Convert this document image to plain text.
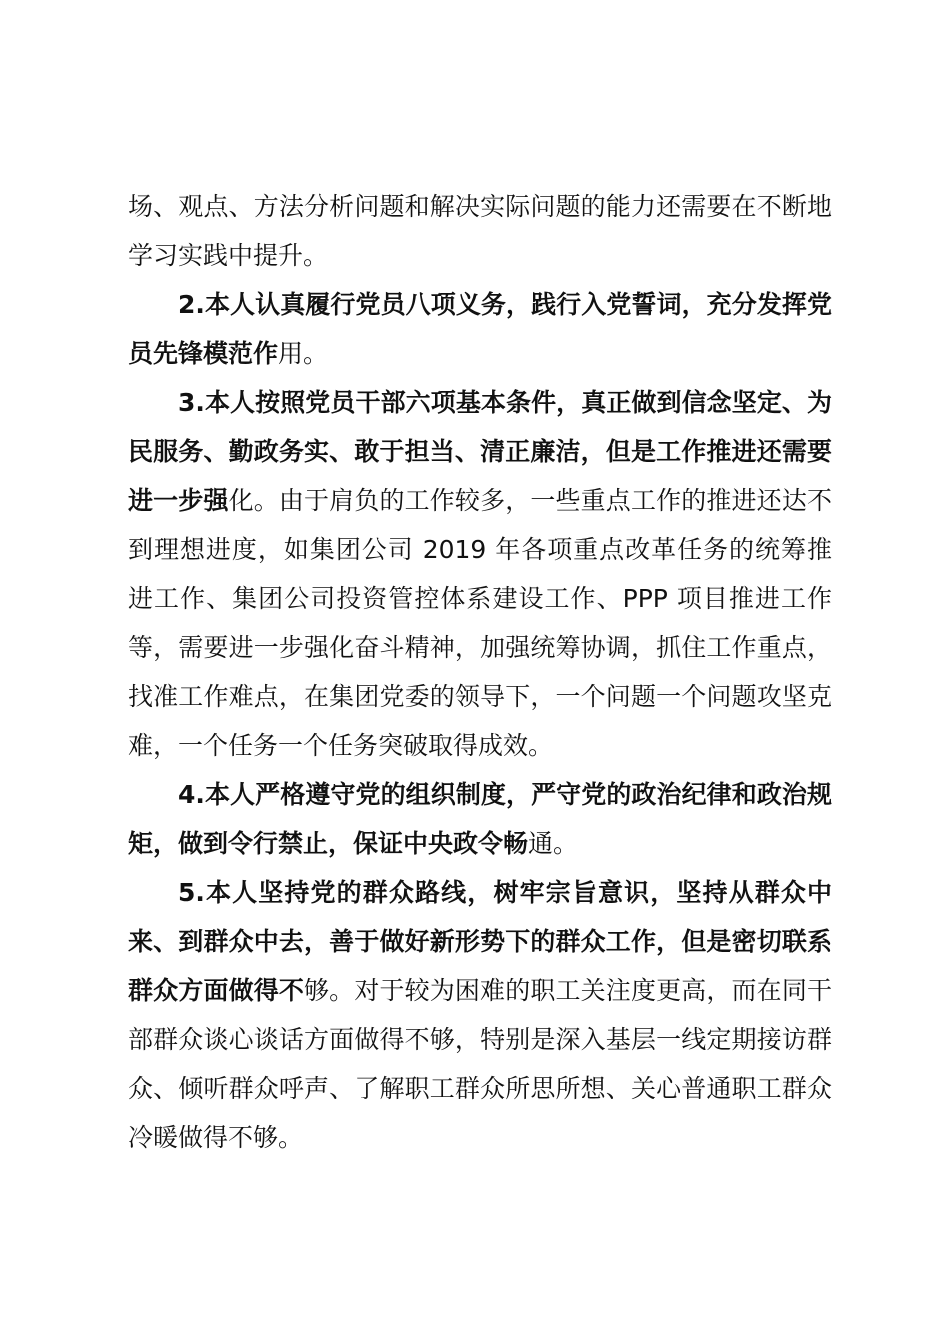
场、观点、方法分析问题和解决实际问题的能力还需要在不断地学习实践中提升。

2.本人认真履行党员八项义务，践行入党誓词，充分发挥党员先锋模范作用。

3.本人按照党员干部六项基本条件，真正做到信念坚定、为民服务、勤政务实、敢于担当、清正廉洁，但是工作推进还需要进一步强化。由于肩负的工作较多，一些重点工作的推进还达不到理想进度，如集团公司 2019 年各项重点改革任务的统筹推进工作、集团公司投资管控体系建设工作、PPP 项目推进工作等，需要进一步强化奋斗精神，加强统筹协调，抓住工作重点，找准工作难点，在集团党委的领导下，一个问题一个问题攻坚克难，一个任务一个任务突破取得成效。

4.本人严格遵守党的组织制度，严守党的政治纪律和政治规矩，做到令行禁止，保证中央政令畅通。

5.本人坚持党的群众路线，树牢宗旨意识，坚持从群众中来、到群众中去，善于做好新形势下的群众工作，但是密切联系群众方面做得不够。对于较为困难的职工关注度更高，而在同干部群众谈心谈话方面做得不够，特别是深入基层一线定期接访群众、倾听群众呼声、了解职工群众所思所想、关心普通职工群众冷暖做得不够。
